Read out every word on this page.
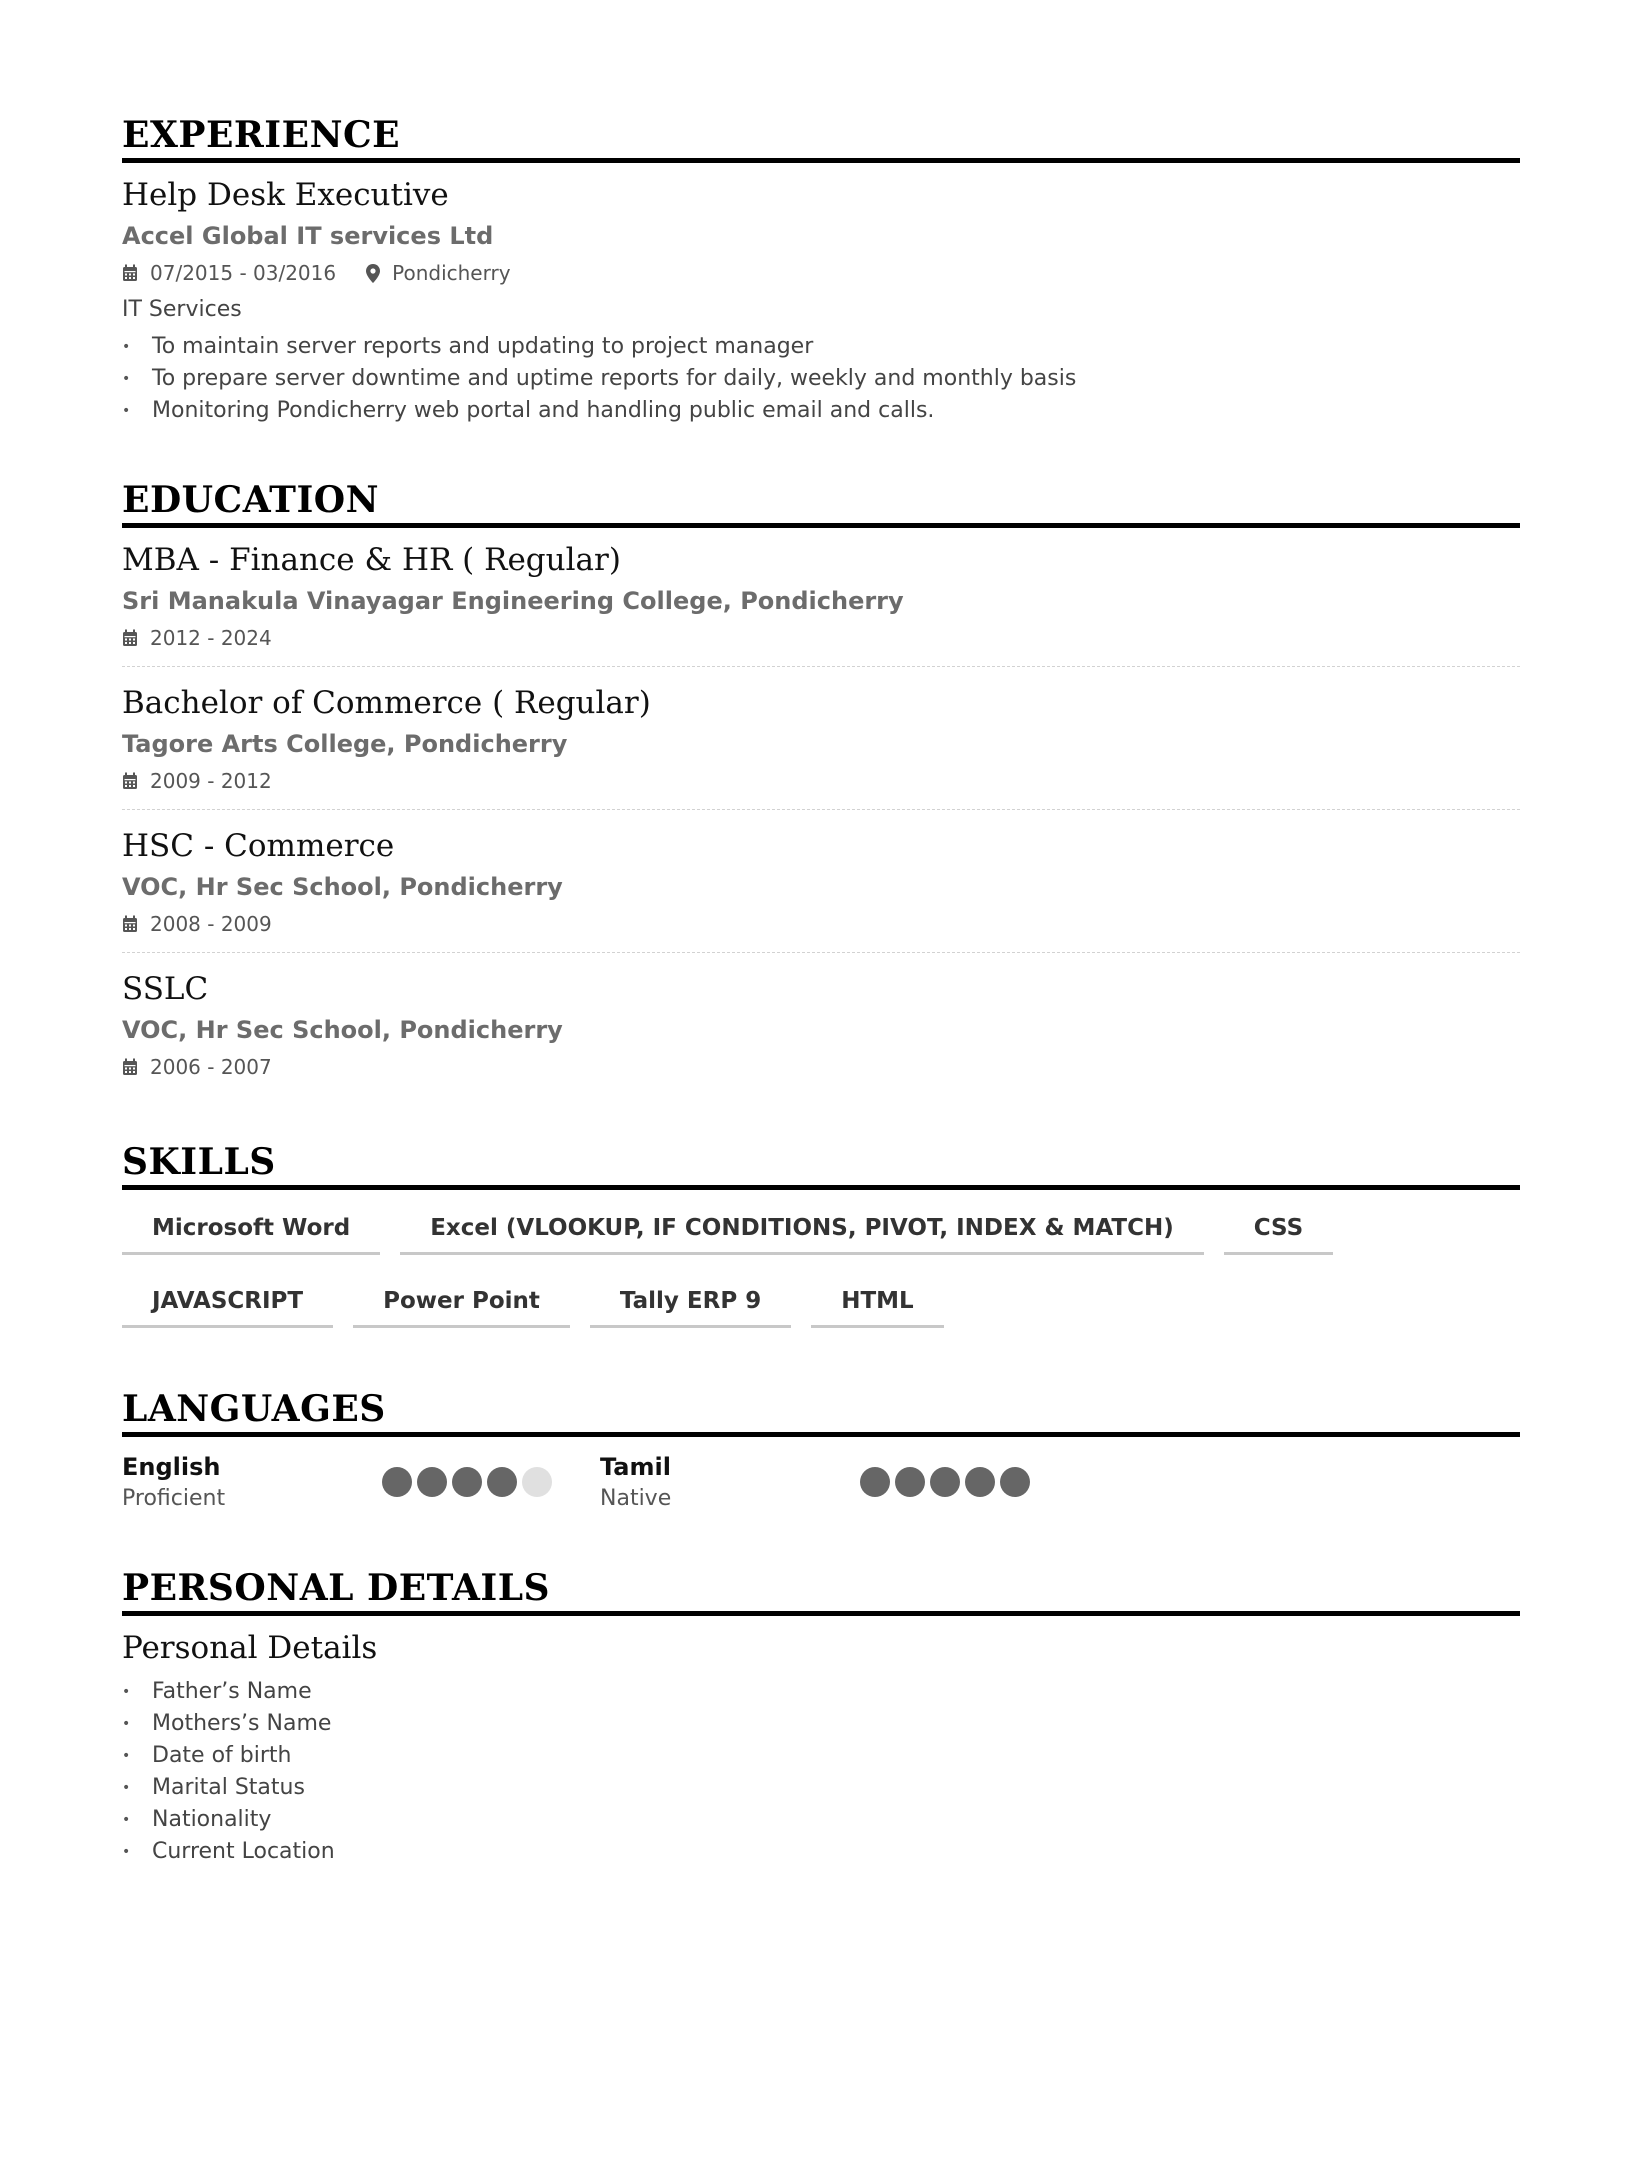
EXPERIENCE
Help Desk Executive
Accel Global IT services Ltd
07/2015 - 03/2016	Pondicherry
IT Services
• To maintain server reports and updating to project manager
• To prepare server downtime and uptime reports for daily, weekly and monthly basis
• Monitoring Pondicherry web portal and handling public email and calls.
EDUCATION
MBA - Finance & HR ( Regular)
Sri Manakula Vinayagar Engineering College, Pondicherry
2012 - 2024
Bachelor of Commerce ( Regular)
Tagore Arts College, Pondicherry
2009 - 2012
HSC - Commerce
VOC, Hr Sec School, Pondicherry
2008 - 2009
SSLC
VOC, Hr Sec School, Pondicherry
2006 - 2007
SKILLS
Microsoft Word	Excel (VLOOKUP, IF CONDITIONS, PIVOT, INDEX & MATCH)	CSS
JAVASCRIPT	Power Point	Tally ERP 9	HTML
LANGUAGES
English
Proficient
Tamil
Native
PERSONAL DETAILS
Personal Details
• Father’s Name
• Mothers’s Name
• Date of birth
• Marital Status
• Nationality
• Current Location
